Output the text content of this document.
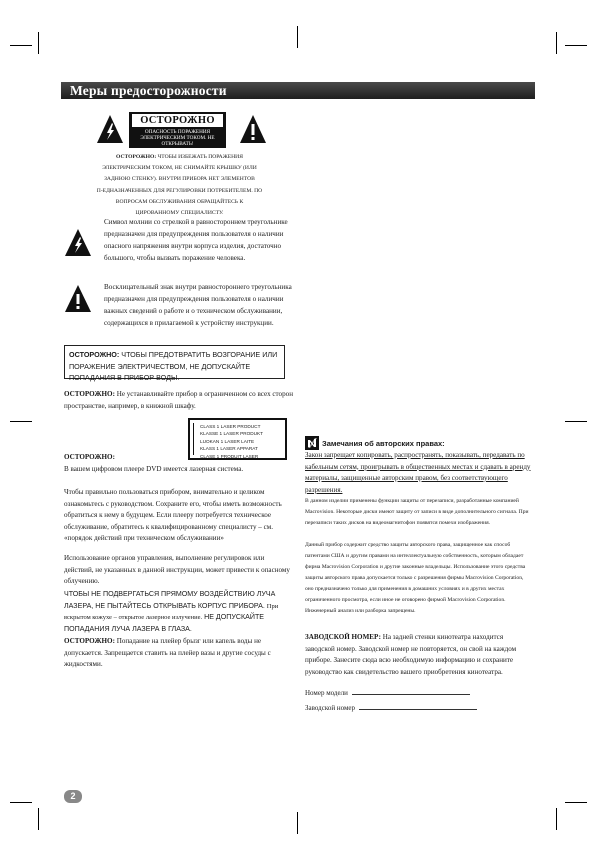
Меры предосторожности
ОСТОРОЖНО
ОПАСНОСТЬ ПОРАЖЕНИЯ ЭЛЕКТРИЧЕСКИМ ТОКОМ. НЕ ОТКРЫВАТЬ!
ОСТОРОЖНО: ЧТОБЫ ИЗБЕЖАТЬ ПОРАЖЕНИЯ
ЭЛЕКТРИЧЕСКИМ ТОКОМ, НЕ СНИМАЙТЕ КРЫШКУ (ИЛИ
ЗАДНЮЮ СТЕНКУ). ВНУТРИ ПРИБОРА НЕТ ЭЛЕМЕНТОВ
П-ЕДНАЗНАЧЕННЫХ ДЛЯ РЕГУЛИРОВКИ ПОТРЕБИТЕЛЕМ. ПО
ВОПРОСАМ ОБСЛУЖИВАНИЯ ОБРАЩАЙТЕСЬ К
ЦИРОВАННОМУ СПЕЦИАЛИСТУ.
Символ молнии со стрелкой в равностороннем треугольнике предназначен для предупреждения пользователя о наличии опасного напряжения внутри корпуса изделия, достаточно большого, чтобы вызвать поражение человека.
Восклицательный знак внутри равностороннего треугольника предназначен для предупреждения пользователя о наличии важных сведений о работе и о техническом обслуживании, содержащихся в прилагаемой к устройству инструкции.
ОСТОРОЖНО: ЧТОБЫ ПРЕДОТВРАТИТЬ ВОЗГОРАНИЕ ИЛИ ПОРАЖЕНИЕ ЭЛЕКТРИЧЕСТВОМ, НЕ ДОПУСКАЙТЕ ПОПАДАНИЯ В ПРИБОР ВОДЫ.
ОСТОРОЖНО: Не устанавливайте прибор в ограниченном со всех сторон пространстве, например, в книжной шкафу.
CLASS 1 LASER PRODUCT
KLASSE 1 LASER PRODUKT
LUOKAN 1 LASER LAITE
KLASS 1 LASER APPARAT
CLASE 1 PRODUIT LASER
ОСТОРОЖНО:
В вашем цифровом плеере DVD имеется лазерная система.
Чтобы правильно пользоваться прибором, внимательно и целиком ознакомьтесь с руководством. Сохраните его, чтобы иметь возможность обратиться к нему в будущем. Если плееру потребуется техническое обслуживание, обратитесь к квалифицированному специалисту – см. «порядок действий при техническом обслуживании»
Использование органов управления, выполнение регулировок или действий, не указанных в данной инструкции, может привести к опасному облучению.
ЧТОБЫ НЕ ПОДВЕРГАТЬСЯ ПРЯМОМУ ВОЗДЕЙСТВИЮ ЛУЧА ЛАЗЕРА, НЕ ПЫТАЙТЕСЬ ОТКРЫВАТЬ КОРПУС ПРИБОРА. При вскрытом кожухе – открытое лазерное излучение. НЕ ДОПУСКАЙТЕ ПОПАДАНИЯ ЛУЧА ЛАЗЕРА В ГЛАЗА.
ОСТОРОЖНО: Попадание на плейер брызг или капель воды не допускается. Запрещается ставить на плейер вазы и другие сосуды с жидкостями.
Замечания об авторских правах:
Закон запрещает копировать, распространять, показывать, передавать по кабельным сетям, проигрывать в общественных местах и сдавать в аренду материалы, защищенные авторским правом, без соответствующего разрешения.
В данном изделии применены функции защиты от перезаписи, разработанные компанией Macrovision. Некоторые диски имеют защиту от записи в виде дополнительного сигнала. При перезаписи таких дисков на видеомагнитофон появятся помехи изображения.
Данный прибор содержит средство защиты авторского права, защищенное как способ патентами США и другим правами на интеллектуальную собственность, которым обладает фирма Macrovision Corporation и другие законные владельцы. Использование этого средства защиты авторского права допускается только с разрешения фирмы Macrovision Corporation, оно предназначено только для применения в домашних условиях и в других местах ограниченного просмотра, если иное не оговорено фирмой Macrovision Corporation. Инженерный анализ или разборка запрещены.
ЗАВОДСКОЙ НОМЕР: На задней стенки кинотеатра находится заводской номер. Заводской номер не повторяется, он свой на каждом приборе. Занесите сюда всю необходимую информацию и сохраните руководство как свидетельство вашего приобретения кинотеатра.
Номер модели
Заводской номер
2
